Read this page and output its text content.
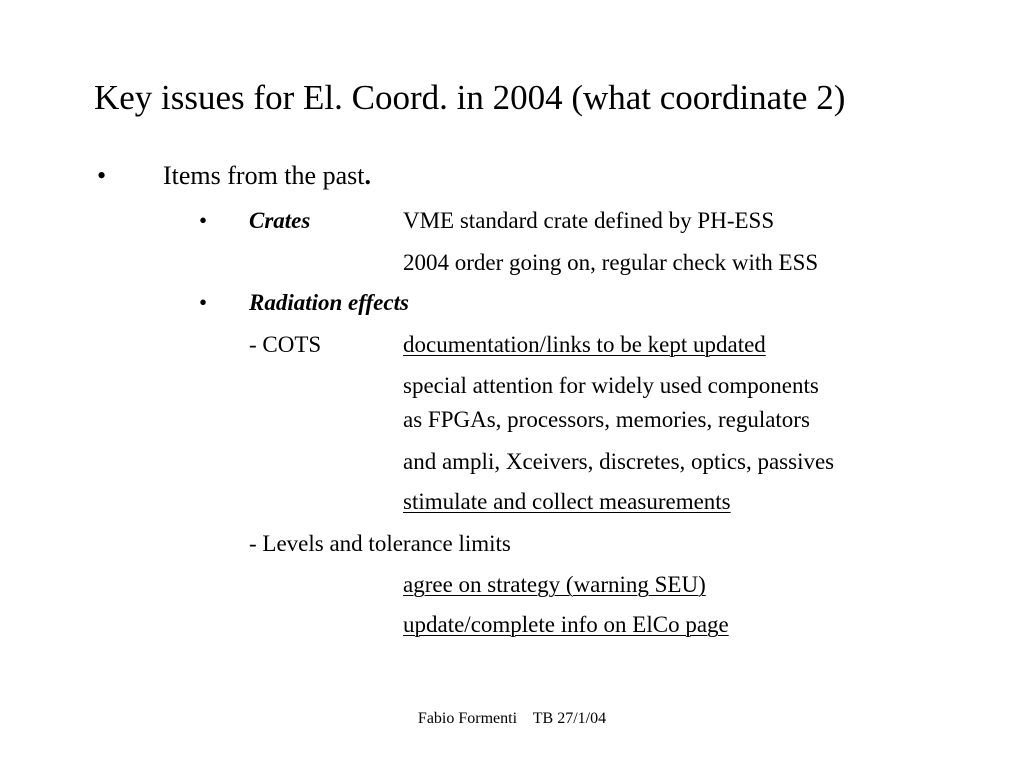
Key issues for El. Coord. in 2004 (what coordinate 2)
• Items from the past.
• Crates	VME standard crate defined by PH-ESS
2004 order going on, regular check with ESS
• Radiation effects
- COTS	documentation/links to be kept updated
special attention for widely used components
as FPGAs, processors, memories, regulators
and ampli, Xceivers, discretes, optics, passives
stimulate and collect measurements
- Levels and tolerance limits
agree on strategy (warning SEU)
update/complete info on ElCo page
Fabio Formenti    TB 27/1/04
